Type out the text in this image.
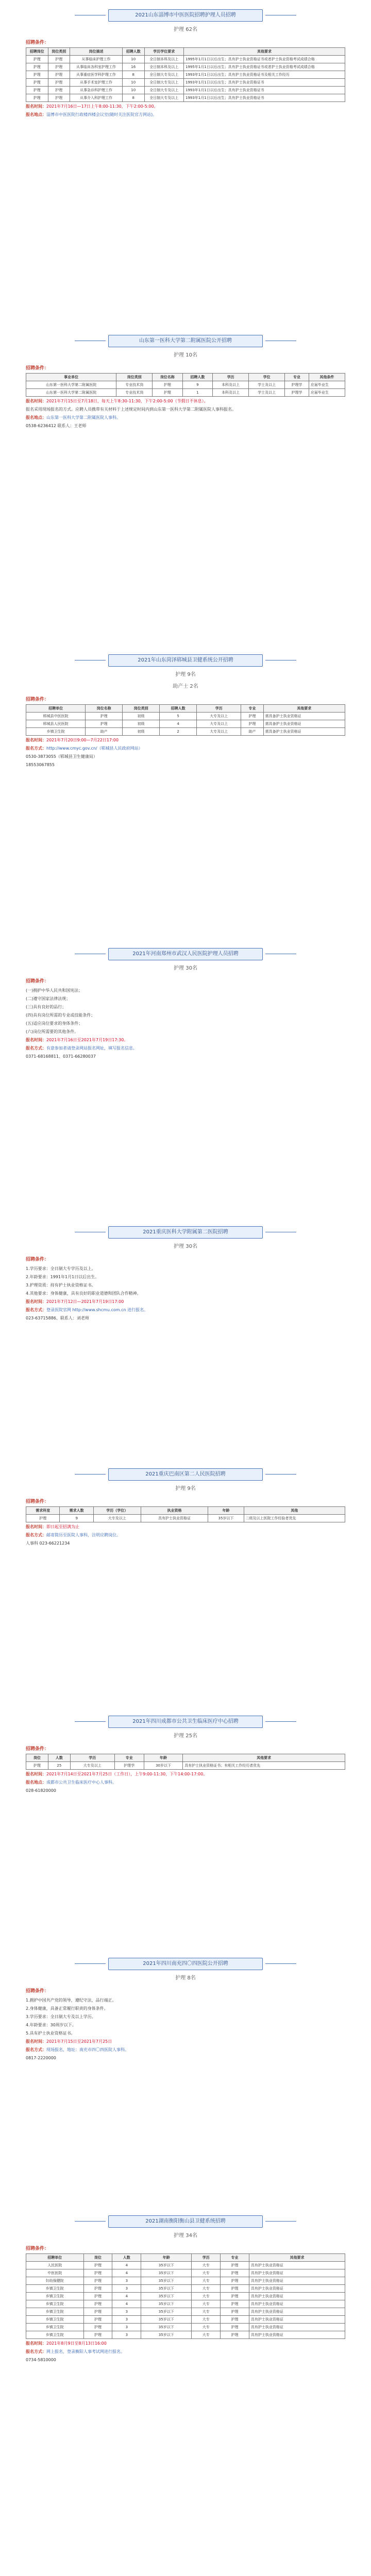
2021山东淄博市中医医院招聘护理人员招聘
护理 62名
招聘条件：
招聘岗位	岗位类别	岗位描述	招聘人数	学历学位要求	其他要求
护理	护理	从事临床护理工作	10	全日制本科及以上	1995年1月1日以后出生；具有护士执业资格证书或者护士执业资格考试成绩合格
护理	护理	从事临床各科室护理工作	16	全日制本科及以上	1995年1月1日以后出生；具有护士执业资格证书或者护士执业资格考试成绩合格
护理	护理	从事重症医学科护理工作	8	全日制大专及以上	1993年1月1日以后出生；具有护士执业资格证书及相关工作经历
护理	护理	从事手术室护理工作	10	全日制大专及以上	1993年1月1日以后出生；具有护士执业资格证书
护理	护理	从事急诊科护理工作	10	全日制大专及以上	1993年1月1日以后出生；具有护士执业资格证书
护理	护理	从事介入科护理工作	8	全日制大专及以上	1993年1月1日以后出生；具有护士执业资格证书
报名时间：2021年7月16日—17日上午8:00-11:30，下午2:00-5:00。
报名地点：淄博市中医医院行政楼四楼会议室(随时关注医院官方网站)。
山东第一医科大学第二附属医院公开招聘
护理 10名
招聘条件：
事业单位	岗位类别	岗位名称	招聘人数	学历	学位	专业	其他条件
山东第一医科大学第二附属医院	专业技术岗	护理	9	本科及以上	学士及以上	护理学	应届毕业生
山东第一医科大学第二附属医院	专业技术岗	护理	1	本科及以上	学士及以上	护理学	应届毕业生
报名时间：2021年7月15日至7月18日，每天上午8:30-11:30，下午2:00-5:00（节假日不休息）。
报名采用现场报名的方式。应聘人员携带有关材料于上述规定时间内到山东第一医科大学第二附属医院人事科报名。
报名地点：山东第一医科大学第二附属医院人事科。
0538-6236412 联系人：王老师
2021年山东菏泽郓城县卫健系统公开招聘
护理 9名
助产士 2名
招聘条件：
招聘单位	岗位名称	岗位类别	招聘人数	学历	专业	其他要求
郓城县中医医院	护理	初级	5	大专及以上	护理	需具备护士执业资格证
郓城县人民医院	护理	初级	4	大专及以上	护理	需具备护士执业资格证
乡镇卫生院	助产	初级	2	大专及以上	助产	需具备护士执业资格证
报名时间：2021年7月20日9:00—7月22日17:00
报名方式：http://www.cmyc.gov.cn/（郓城县人民政府网站）
0530-3873055（郓城县卫生健康局）
18553067855
2021年河南郑州市武汉人民医院护理人员招聘
护理 30名
招聘条件：
(一)拥护中华人民共和国宪法；
(二)遵守国家法律法规；
(三)具有良好的品行；
(四)具有岗位所需的专业或技能条件；
(五)适应岗位要求的身体条件；
(六)岗位所需要的其他条件。
报名时间：2021年7月16日至2021年7月19日17:30。
报名方式：有意参加者请登录网站报名网址，填写报名信息。
0371-68168811、0371-66280037
2021重庆医科大学附属第二医院招聘
护理 30名
招聘条件：
1.学历要求：全日制大专学历及以上。
2.年龄要求：1991年1月1日以后出生。
3.护理资质：持有护士执业资格证书。
4.其他要求：身体健康，具有良好的职业道德和团队合作精神。
报名时间：2021年7月12日—2021年7月19日17:00
报名方式：登录医院官网 http://www.shcmu.com.cn 进行报名。
023-63715886、联系人：刘老师
2021重庆巴南区第二人民医院招聘
护理 9名
招聘条件：
需求科室	需求人数	学历（学位）	执业资格	年龄	其他
护理	9	大专及以上	具有护士执业资格证	35岁以下	二级及以上医院工作经验者优先
报名时间：即日起至招满为止
报名方式：邮寄简历至医院人事科，注明应聘岗位。
人事科 023-66221234
2021年四川成都市公共卫生临床医疗中心招聘
护理 25名
招聘条件：
岗位	人数	学历	专业	年龄	其他要求
护理	25	大专及以上	护理学	30岁以下	具有护士执业资格证书；有相关工作经历者优先
报名时间：2021年7月14日至2021年7月25日（工作日），上午9:00-11:30，下午14:00-17:00。
报名地点：成都市公共卫生临床医疗中心人事科。
028-61820000
2021年四川南充四〇四医院公开招聘
护理 8名
招聘条件：
1.拥护中国共产党的领导，遵纪守法，品行端正。
2.身体健康，具备正常履行职责的身体条件。
3.学历要求：全日制大专及以上学历。
4.年龄要求：30周岁以下。
5.具有护士执业资格证书。
报名时间：2021年7月15日至2021年7月25日
报名方式：现场报名，地址：南充市四〇四医院人事科。
0817-2220000
2021湖南衡阳衡山县卫健系统招聘
护理 34名
招聘条件：
招聘单位	岗位	人数	年龄	学历	专业	其他要求
人民医院	护理	4	35岁以下	大专	护理	具有护士执业资格证
中医医院	护理	4	35岁以下	大专	护理	具有护士执业资格证
妇幼保健院	护理	3	35岁以下	大专	护理	具有护士执业资格证
乡镇卫生院	护理	3	35岁以下	大专	护理	具有护士执业资格证
乡镇卫生院	护理	4	35岁以下	大专	护理	具有护士执业资格证
乡镇卫生院	护理	4	35岁以下	大专	护理	具有护士执业资格证
乡镇卫生院	护理	3	35岁以下	大专	护理	具有护士执业资格证
乡镇卫生院	护理	3	35岁以下	大专	护理	具有护士执业资格证
乡镇卫生院	护理	3	35岁以下	大专	护理	具有护士执业资格证
乡镇卫生院	护理	3	35岁以下	大专	护理	具有护士执业资格证
报名时间：2021年8月9日至8月13日16:00
报名方式：网上报名，登录衡阳人事考试网进行报名。
0734-5810000
